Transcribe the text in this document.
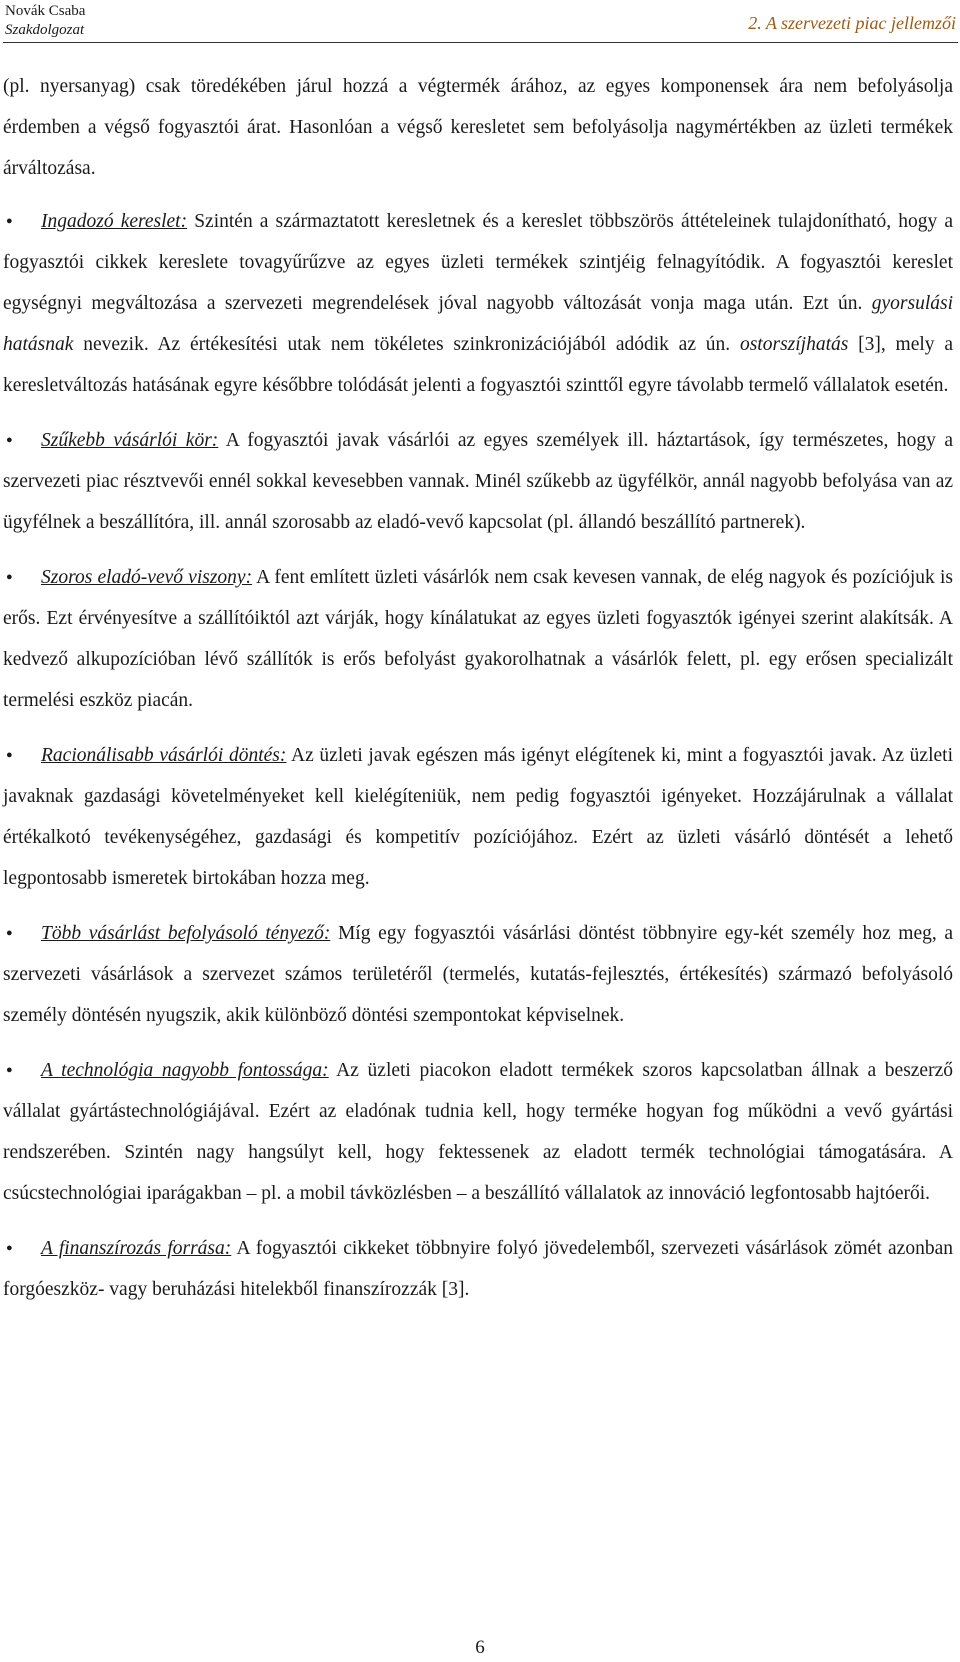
Novák Csaba
Szakdolgozat	2. A szervezeti piac jellemzői

(pl. nyersanyag) csak töredékében járul hozzá a végtermék árához, az egyes komponensek ára nem befolyásolja érdemben a végső fogyasztói árat. Hasonlóan a végső keresletet sem befolyásolja nagymértékben az üzleti termékek árváltozása.

●
Ingadozó kereslet: Szintén a származtatott keresletnek és a kereslet többszörös áttételeinek tulajdonítható, hogy a fogyasztói cikkek kereslete tovagyűrűzve az egyes üzleti termékek szintjéig felnagyítódik. A fogyasztói kereslet egységnyi megváltozása a szervezeti megrendelések jóval nagyobb változását vonja maga után. Ezt ún. gyorsulási hatásnak nevezik. Az értékesítési utak nem tökéletes szinkronizációjából adódik az ún. ostorszíjhatás [3], mely a keresletváltozás hatásának egyre későbbre tolódását jelenti a fogyasztói szinttől egyre távolabb termelő vállalatok esetén.
●
Szűkebb vásárlói kör: A fogyasztói javak vásárlói az egyes személyek ill. háztartások, így természetes, hogy a szervezeti piac résztvevői ennél sokkal kevesebben vannak. Minél szűkebb az ügyfélkör, annál nagyobb befolyása van az ügyfélnek a beszállítóra, ill. annál szorosabb az eladó-vevő kapcsolat (pl. állandó beszállító partnerek).
●
Szoros eladó-vevő viszony: A fent említett üzleti vásárlók nem csak kevesen vannak, de elég nagyok és pozíciójuk is erős. Ezt érvényesítve a szállítóiktól azt várják, hogy kínálatukat az egyes üzleti fogyasztók igényei szerint alakítsák. A kedvező alkupozícióban lévő szállítók is erős befolyást gyakorolhatnak a vásárlók felett, pl. egy erősen specializált termelési eszköz piacán.
●
Racionálisabb vásárlói döntés: Az üzleti javak egészen más igényt elégítenek ki, mint a fogyasztói javak. Az üzleti javaknak gazdasági követelményeket kell kielégíteniük, nem pedig fogyasztói igényeket. Hozzájárulnak a vállalat értékalkotó tevékenységéhez, gazdasági és kompetitív pozíciójához. Ezért az üzleti vásárló döntését a lehető legpontosabb ismeretek birtokában hozza meg.
●
Több vásárlást befolyásoló tényező: Míg egy fogyasztói vásárlási döntést többnyire egy-két személy hoz meg, a szervezeti vásárlások a szervezet számos területéről (termelés, kutatás-fejlesztés, értékesítés) származó befolyásoló személy döntésén nyugszik, akik különböző döntési szempontokat képviselnek.
●
A technológia nagyobb fontossága: Az üzleti piacokon eladott termékek szoros kapcsolatban állnak a beszerző vállalat gyártástechnológiájával. Ezért az eladónak tudnia kell, hogy terméke hogyan fog működni a vevő gyártási rendszerében. Szintén nagy hangsúlyt kell, hogy fektessenek az eladott termék technológiai támogatására. A csúcstechnológiai iparágakban – pl. a mobil távközlésben – a beszállító vállalatok az innováció legfontosabb hajtóerői.
●
A finanszírozás forrása: A fogyasztói cikkeket többnyire folyó jövedelemből, szervezeti vásárlások zömét azonban forgóeszköz- vagy beruházási hitelekből finanszírozzák [3].
6
